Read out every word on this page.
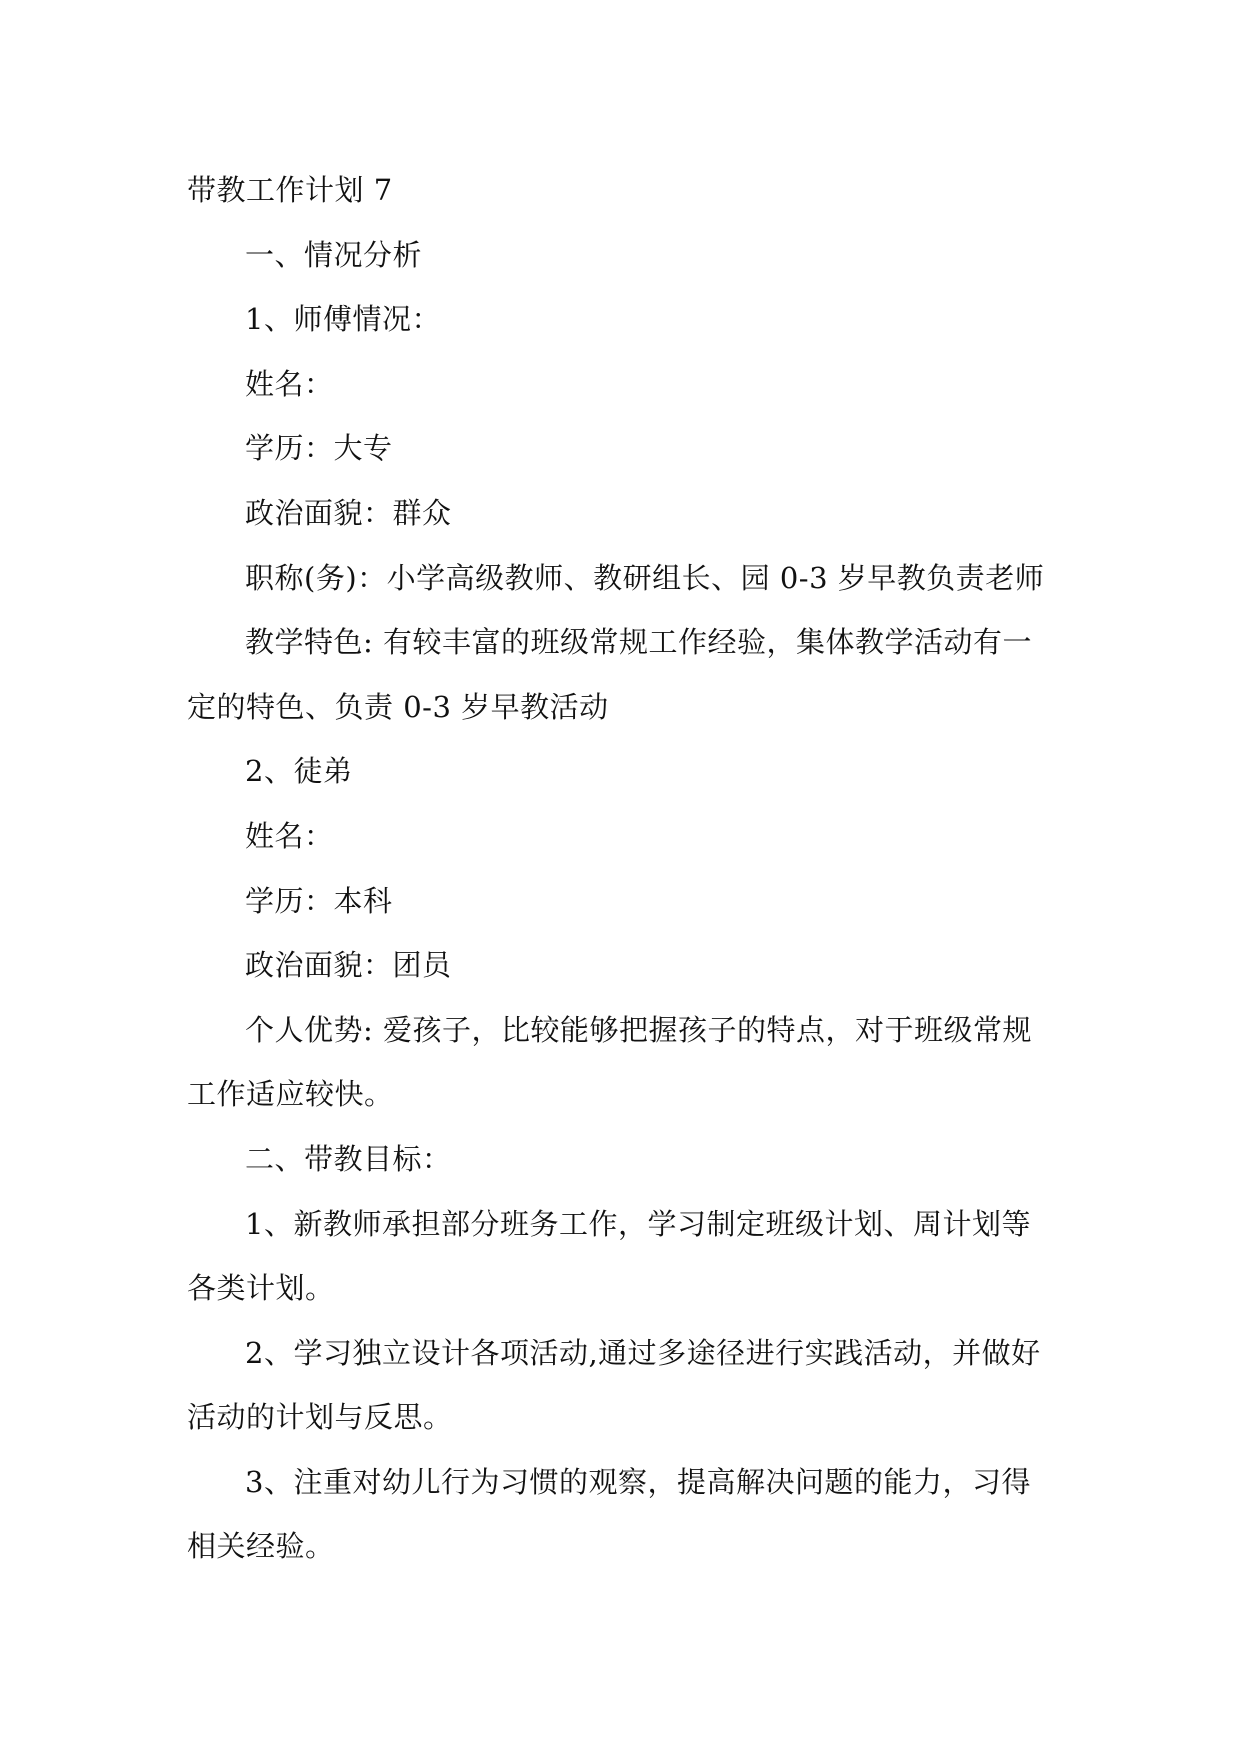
带教工作计划 7

一、情况分析

1、师傅情况：

姓名：

学历：大专

政治面貌：群众

职称(务)：小学高级教师、教研组长、园 0-3 岁早教负责老师

教学特色: 有较丰富的班级常规工作经验，集体教学活动有一定的特色、负责 0-3 岁早教活动

2、徒弟

姓名：

学历：本科

政治面貌：团员

个人优势: 爱孩子，比较能够把握孩子的特点，对于班级常规工作适应较快。

二、带教目标：

1、新教师承担部分班务工作，学习制定班级计划、周计划等各类计划。

2、学习独立设计各项活动,通过多途径进行实践活动，并做好活动的计划与反思。

3、注重对幼儿行为习惯的观察，提高解决问题的能力，习得相关经验。
